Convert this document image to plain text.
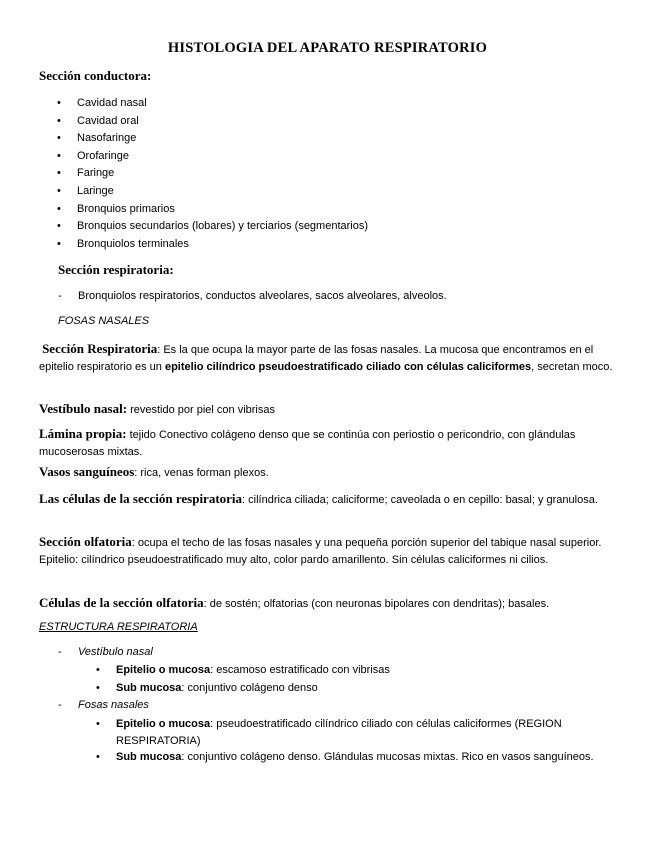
HISTOLOGIA DEL APARATO RESPIRATORIO
Sección conductora:
• Cavidad nasal
• Cavidad oral
• Nasofaringe
• Orofaringe
• Faringe
• Laringe
• Bronquios primarios
• Bronquios secundarios (lobares) y terciarios (segmentarios)
• Bronquiolos terminales
Sección respiratoria:
- Bronquiolos respiratorios, conductos alveolares, sacos alveolares, alveolos.
FOSAS NASALES
Sección Respiratoria: Es la que ocupa la mayor parte de las fosas nasales. La mucosa que encontramos en el epitelio respiratorio es un epitelio cilíndrico pseudoestratificado ciliado con células caliciformes, secretan moco.
Vestíbulo nasal: revestido por piel con vibrisas
Lámina propia: tejido Conectivo colágeno denso que se continúa con periostio o pericondrio, con glándulas mucoserosas mixtas.
Vasos sanguíneos: rica, venas forman plexos.
Las células de la sección respiratoria: cilíndrica ciliada; caliciforme; caveolada o en cepillo: basal; y granulosa.
Sección olfatoria: ocupa el techo de las fosas nasales y una pequeña porción superior del tabique nasal superior. Epitelio: cilíndrico pseudoestratificado muy alto, color pardo amarillento. Sin células caliciformes ni cilios.
Células de la sección olfatoria: de sostén; olfatorias (con neuronas bipolares con dendritas); basales.
ESTRUCTURA RESPIRATORIA
- Vestíbulo nasal
• Epitelio o mucosa: escamoso estratificado con vibrisas
• Sub mucosa: conjuntivo colágeno denso
- Fosas nasales
• Epitelio o mucosa: pseudoestratificado cilíndrico ciliado con células caliciformes (REGION RESPIRATORIA)
• Sub mucosa: conjuntivo colágeno denso. Glándulas mucosas mixtas. Rico en vasos sanguíneos.
